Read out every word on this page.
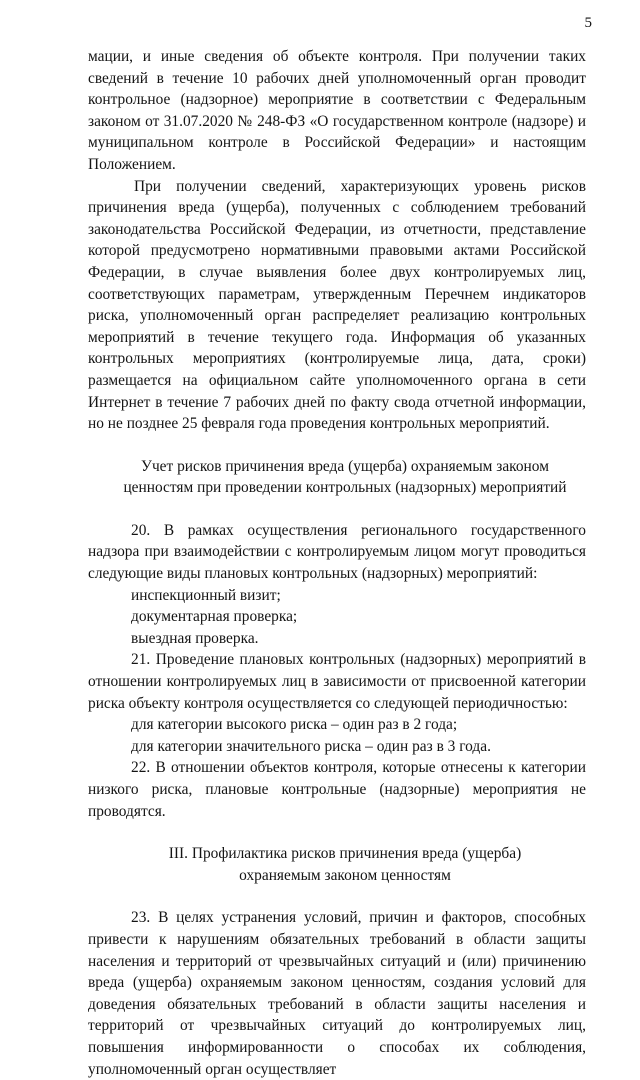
5

мации, и иные сведения об объекте контроля. При получении таких сведений в течение 10 рабочих дней уполномоченный орган проводит контрольное (надзорное) мероприятие в соответствии с Федеральным законом от 31.07.2020 № 248-ФЗ «О государственном контроле (надзоре) и муниципальном контроле в Российской Федерации» и настоящим Положением.

При получении сведений, характеризующих уровень рисков причинения вреда (ущерба), полученных с соблюдением требований законодательства Российской Федерации, из отчетности, представление которой предусмотрено нормативными правовыми актами Российской Федерации, в случае выявления более двух контролируемых лиц, соответствующих параметрам, утвержденным Перечнем индикаторов риска, уполномоченный орган распределяет реализацию контрольных мероприятий в течение текущего года. Информация об указанных контрольных мероприятиях (контролируемые лица, дата, сроки) размещается на официальном сайте уполномоченного органа в сети Интернет в течение 7 рабочих дней по факту свода отчетной информации, но не позднее 25 февраля года проведения контрольных мероприятий.

Учет рисков причинения вреда (ущерба) охраняемым законом

ценностям при проведении контрольных (надзорных) мероприятий

20. В рамках осуществления регионального государственного надзора при взаимодействии с контролируемым лицом могут проводиться следующие виды плановых контрольных (надзорных) мероприятий:

инспекционный визит;

документарная проверка;

выездная проверка.

21. Проведение плановых контрольных (надзорных) мероприятий в отношении контролируемых лиц в зависимости от присвоенной категории риска объекту контроля осуществляется со следующей периодичностью:

для категории высокого риска – один раз в 2 года;

для категории значительного риска – один раз в 3 года.

22. В отношении объектов контроля, которые отнесены к категории низкого риска, плановые контрольные (надзорные) мероприятия не проводятся.

III. Профилактика рисков причинения вреда (ущерба)

охраняемым законом ценностям

23. В целях устранения условий, причин и факторов, способных привести к нарушениям обязательных требований в области защиты населения и территорий от чрезвычайных ситуаций и (или) причинению вреда (ущерба) охраняемым законом ценностям, создания условий для доведения обязательных требований в области защиты населения и территорий от чрезвычайных ситуаций до контролируемых лиц, повышения информированности о способах их соблюдения, уполномоченный орган осуществляет
